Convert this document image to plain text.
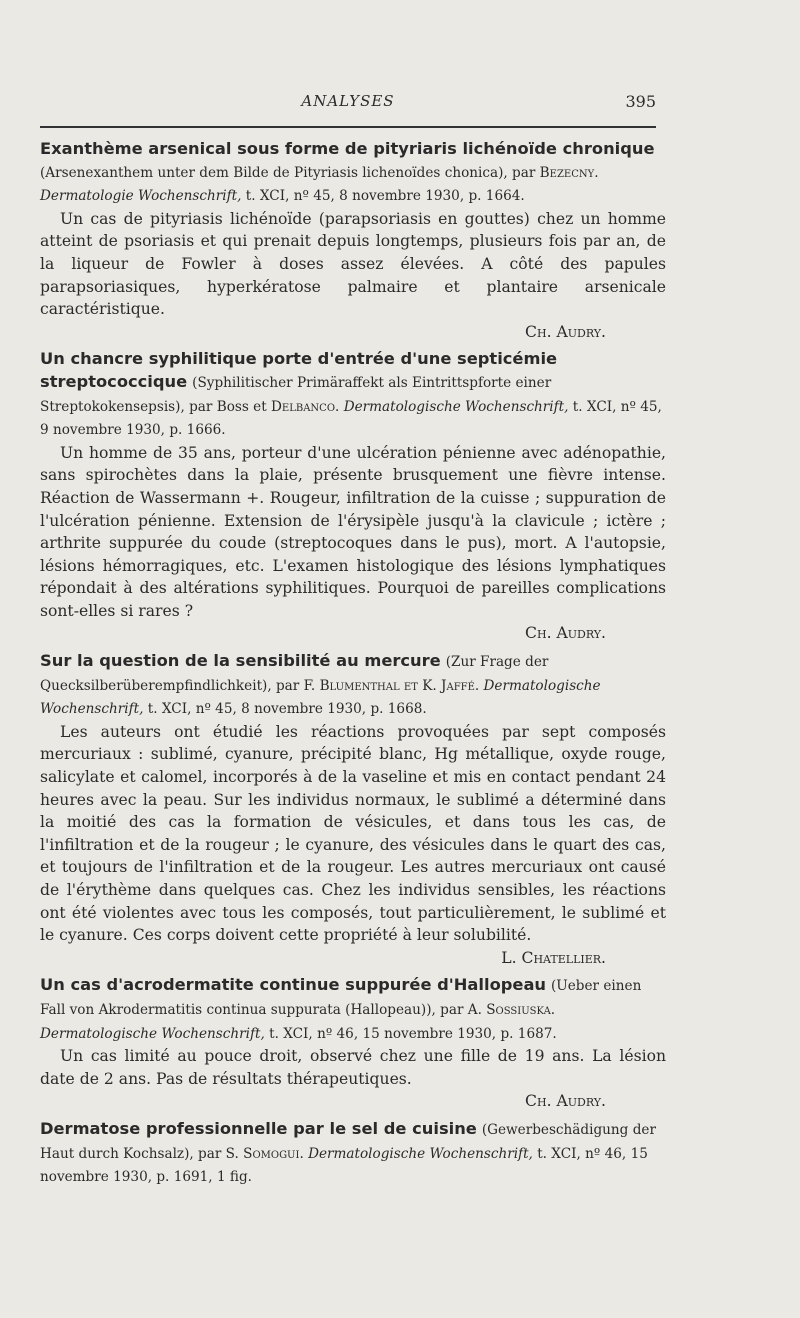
ANALYSES	395

Exanthème arsenical sous forme de pityriaris lichénoïde chronique (Arsenexanthem unter dem Bilde de Pityriasis lichenoïdes chonica), par Bezecny. Dermatologie Wochenschrift, t. XCI, nº 45, 8 novembre 1930, p. 1664.

Un cas de pityriasis lichénoïde (parapsoriasis en gouttes) chez un homme atteint de psoriasis et qui prenait depuis longtemps, plusieurs fois par an, de la liqueur de Fowler à doses assez élevées. A côté des papules parapsoriasiques, hyperkératose palmaire et plantaire arsenicale caractéristique.

Ch. Audry.

Un chancre syphilitique porte d'entrée d'une septicémie streptococcique (Syphilitischer Primäraffekt als Eintrittspforte einer Streptokokensepsis), par Boss et Delbanco. Dermatologische Wochenschrift, t. XCI, nº 45, 9 novembre 1930, p. 1666.

Un homme de 35 ans, porteur d'une ulcération pénienne avec adénopathie, sans spirochètes dans la plaie, présente brusquement une fièvre intense. Réaction de Wassermann +. Rougeur, infiltration de la cuisse ; suppuration de l'ulcération pénienne. Extension de l'érysipèle jusqu'à la clavicule ; ictère ; arthrite suppurée du coude (streptocoques dans le pus), mort. A l'autopsie, lésions hémorragiques, etc. L'examen histologique des lésions lymphatiques répondait à des altérations syphilitiques. Pourquoi de pareilles complications sont-elles si rares ?

Ch. Audry.

Sur la question de la sensibilité au mercure (Zur Frage der Quecksilberüberempfindlichkeit), par F. Blumenthal et K. Jaffé. Dermatologische Wochenschrift, t. XCI, nº 45, 8 novembre 1930, p. 1668.

Les auteurs ont étudié les réactions provoquées par sept composés mercuriaux : sublimé, cyanure, précipité blanc, Hg métallique, oxyde rouge, salicylate et calomel, incorporés à de la vaseline et mis en contact pendant 24 heures avec la peau. Sur les individus normaux, le sublimé a déterminé dans la moitié des cas la formation de vésicules, et dans tous les cas, de l'infiltration et de la rougeur ; le cyanure, des vésicules dans le quart des cas, et toujours de l'infiltration et de la rougeur. Les autres mercuriaux ont causé de l'érythème dans quelques cas. Chez les individus sensibles, les réactions ont été violentes avec tous les composés, tout particulièrement, le sublimé et le cyanure. Ces corps doivent cette propriété à leur solubilité.

L. Chatellier.

Un cas d'acrodermatite continue suppurée d'Hallopeau (Ueber einen Fall von Akrodermatitis continua suppurata (Hallopeau)), par A. Sossiuska. Dermatologische Wochenschrift, t. XCI, nº 46, 15 novembre 1930, p. 1687.

Un cas limité au pouce droit, observé chez une fille de 19 ans. La lésion date de 2 ans. Pas de résultats thérapeutiques.

Ch. Audry.

Dermatose professionnelle par le sel de cuisine (Gewerbeschädigung der Haut durch Kochsalz), par S. Somogui. Dermatologische Wochenschrift, t. XCI, nº 46, 15 novembre 1930, p. 1691, 1 fig.
